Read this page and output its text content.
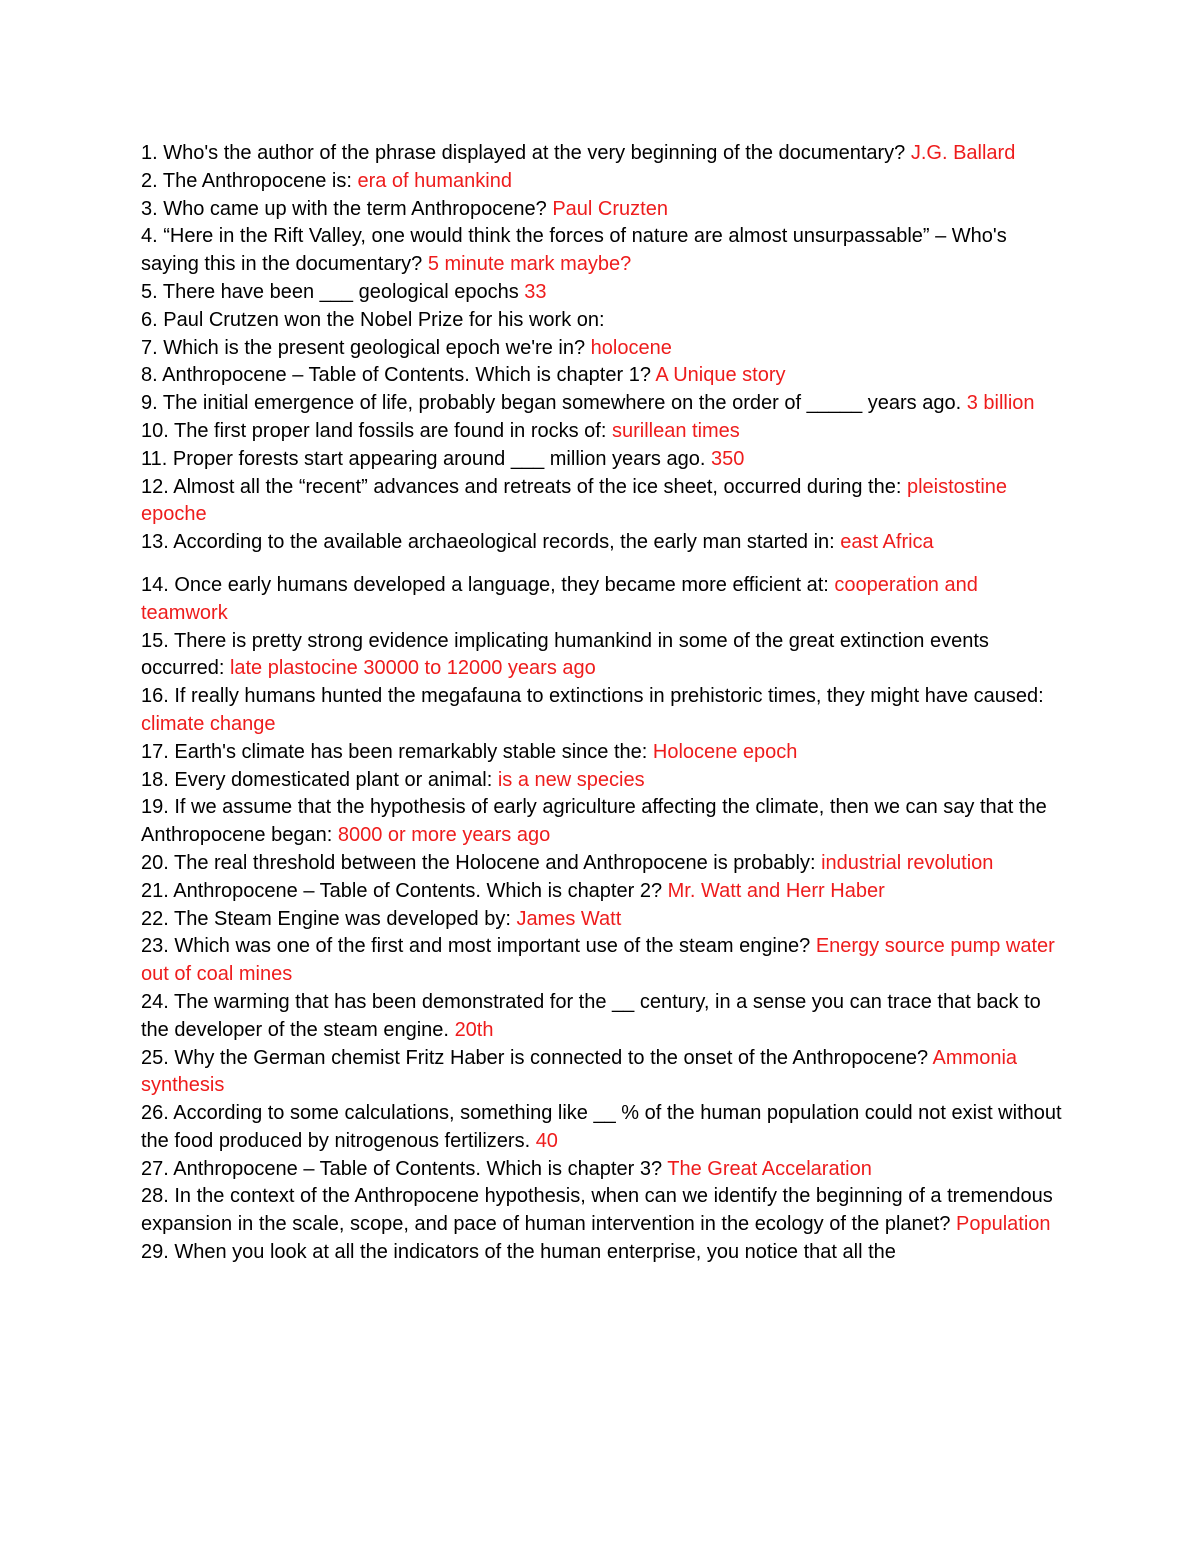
1. Who's the author of the phrase displayed at the very beginning of the documentary? J.G. Ballard

2. The Anthropocene is: era of humankind

3. Who came up with the term Anthropocene? Paul Cruzten

4. “Here in the Rift Valley, one would think the forces of nature are almost unsurpassable” – Who's saying this in the documentary? 5 minute mark maybe?

5. There have been ___ geological epochs 33

6. Paul Crutzen won the Nobel Prize for his work on:

7. Which is the present geological epoch we're in? holocene

8. Anthropocene – Table of Contents. Which is chapter 1? A Unique story

9. The initial emergence of life, probably began somewhere on the order of _____ years ago. 3 billion

10. The first proper land fossils are found in rocks of: surillean times

11. Proper forests start appearing around ___ million years ago. 350

12. Almost all the “recent” advances and retreats of the ice sheet, occurred during the: pleistostine epoche

13. According to the available archaeological records, the early man started in: east Africa

14. Once early humans developed a language, they became more efficient at: cooperation and teamwork

15. There is pretty strong evidence implicating humankind in some of the great extinction events occurred: late plastocine 30000 to 12000 years ago

16. If really humans hunted the megafauna to extinctions in prehistoric times, they might have caused: climate change

17. Earth's climate has been remarkably stable since the: Holocene epoch

18. Every domesticated plant or animal: is a new species

19. If we assume that the hypothesis of early agriculture affecting the climate, then we can say that the Anthropocene began: 8000 or more years ago

20. The real threshold between the Holocene and Anthropocene is probably: industrial revolution

21. Anthropocene – Table of Contents. Which is chapter 2? Mr. Watt and Herr Haber

22. The Steam Engine was developed by: James Watt

23. Which was one of the first and most important use of the steam engine? Energy source pump water out of coal mines

24. The warming that has been demonstrated for the __ century, in a sense you can trace that back to the developer of the steam engine. 20th

25. Why the German chemist Fritz Haber is connected to the onset of the Anthropocene? Ammonia synthesis

26. According to some calculations, something like __ % of the human population could not exist without the food produced by nitrogenous fertilizers. 40

27. Anthropocene – Table of Contents. Which is chapter 3? The Great Accelaration

28. In the context of the Anthropocene hypothesis, when can we identify the beginning of a tremendous expansion in the scale, scope, and pace of human intervention in the ecology of the planet? Population

29. When you look at all the indicators of the human enterprise, you notice that all the
